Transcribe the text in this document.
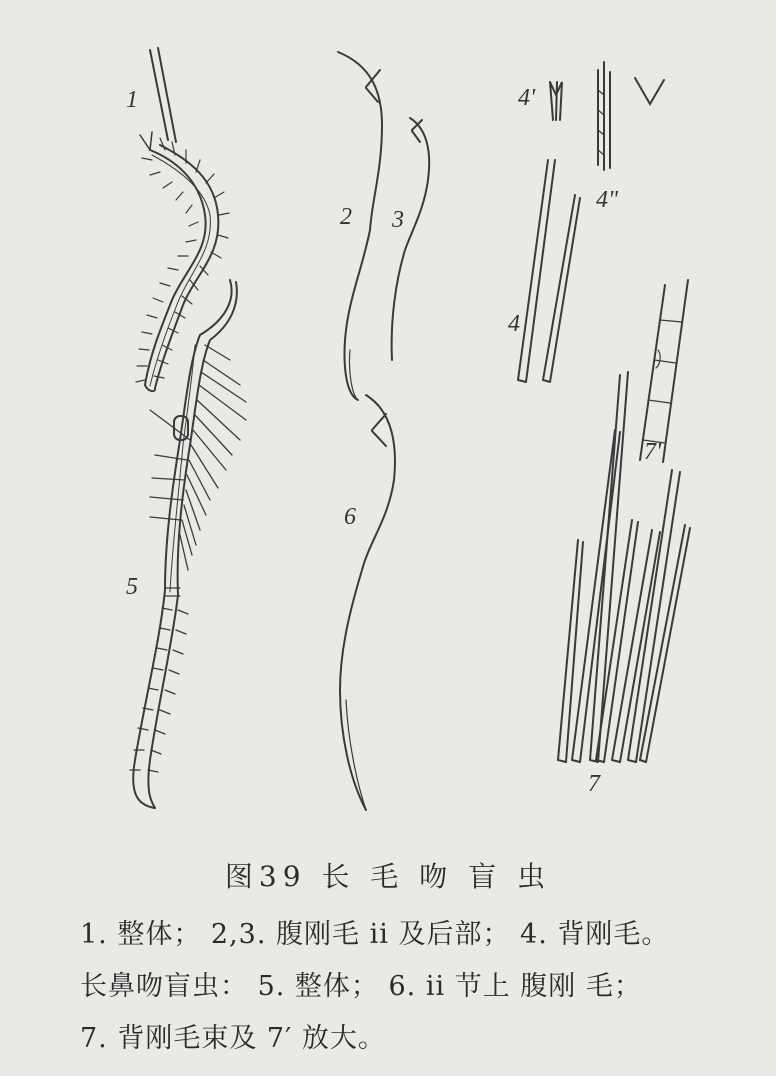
1
2 3
4
4'
4"
5
6
7
7'
图39 长 毛 吻 盲 虫
1. 整体； 2,3. 腹刚毛 ii 及后部； 4. 背刚毛。
长鼻吻盲虫： 5. 整体； 6. ii 节上 腹刚 毛；
7. 背刚毛束及 7′ 放大。
